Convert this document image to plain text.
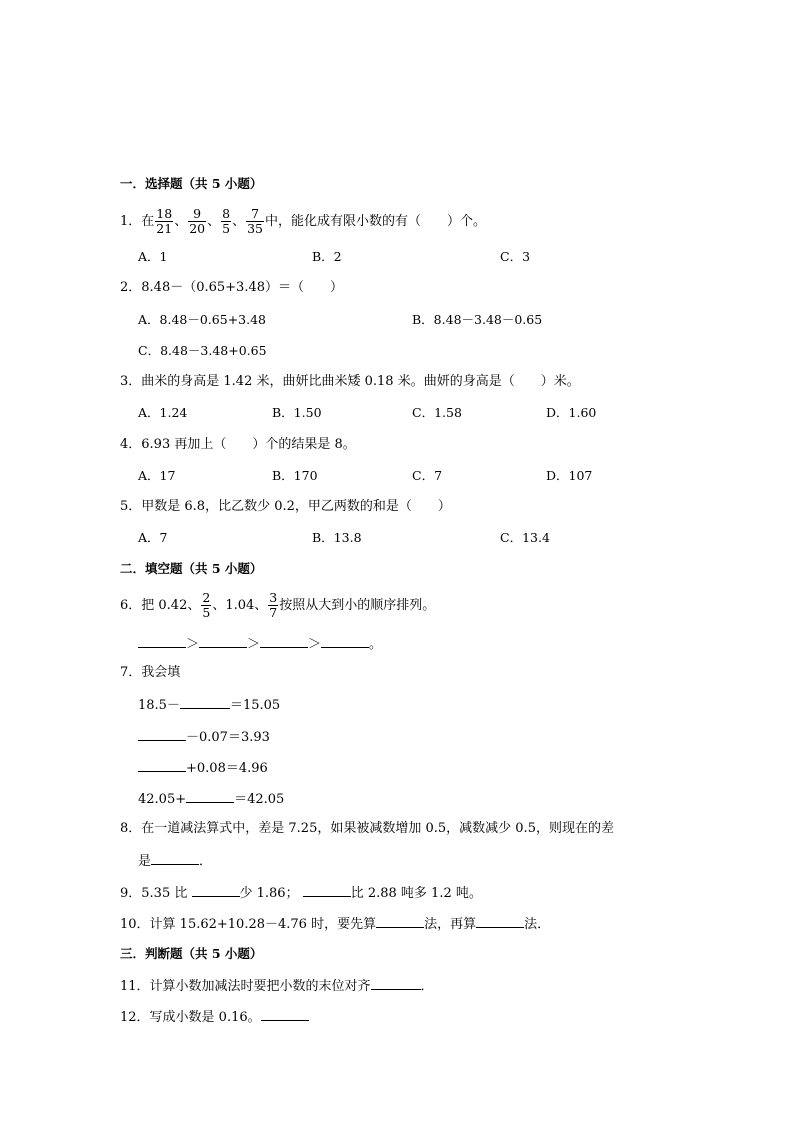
一．选择题（共 5 小题）
1．在 $\frac{18}{21}$ 、 $\frac{9}{20}$ 、 $\frac{8}{5}$ 、 $\frac{7}{35}$ 中，能化成有限小数的有（　　）个。
A．1	B．2	C．3
2．8.48－（0.65+3.48）＝（　　）
A．8.48－0.65+3.48	B．8.48－3.48－0.65
C．8.48－3.48+0.65
3．曲米的身高是 1.42 米，曲妍比曲米矮 0.18 米。曲妍的身高是（　　）米。
A．1.24	B．1.50	C．1.58	D．1.60
4．6.93 再加上（　　）个的结果是 8。
A．17	B．170	C．7	D．107
5．甲数是 6.8，比乙数少 0.2，甲乙两数的和是（　　）
A．7	B．13.8	C．13.4
二．填空题（共 5 小题）
6．把 0.42、 $\frac{2}{5}$ 、1.04、 $\frac{3}{7}$ 按照从大到小的顺序排列。
＞	＞	＞	。
7．我会填
18.5－	＝15.05
－0.07＝3.93
+0.08＝4.96
42.05+	＝42.05
8．在一道减法算式中，差是 7.25，如果被减数增加 0.5，减数减少 0.5，则现在的差
是	．
9．5.35 比	少 1.86；	比 2.88 吨多 1.2 吨。
10．计算 15.62+10.28－4.76 时，要先算	法，再算	法．
三．判断题（共 5 小题）
11．计算小数加减法时要把小数的末位对齐	．
12．写成小数是 0.16。
